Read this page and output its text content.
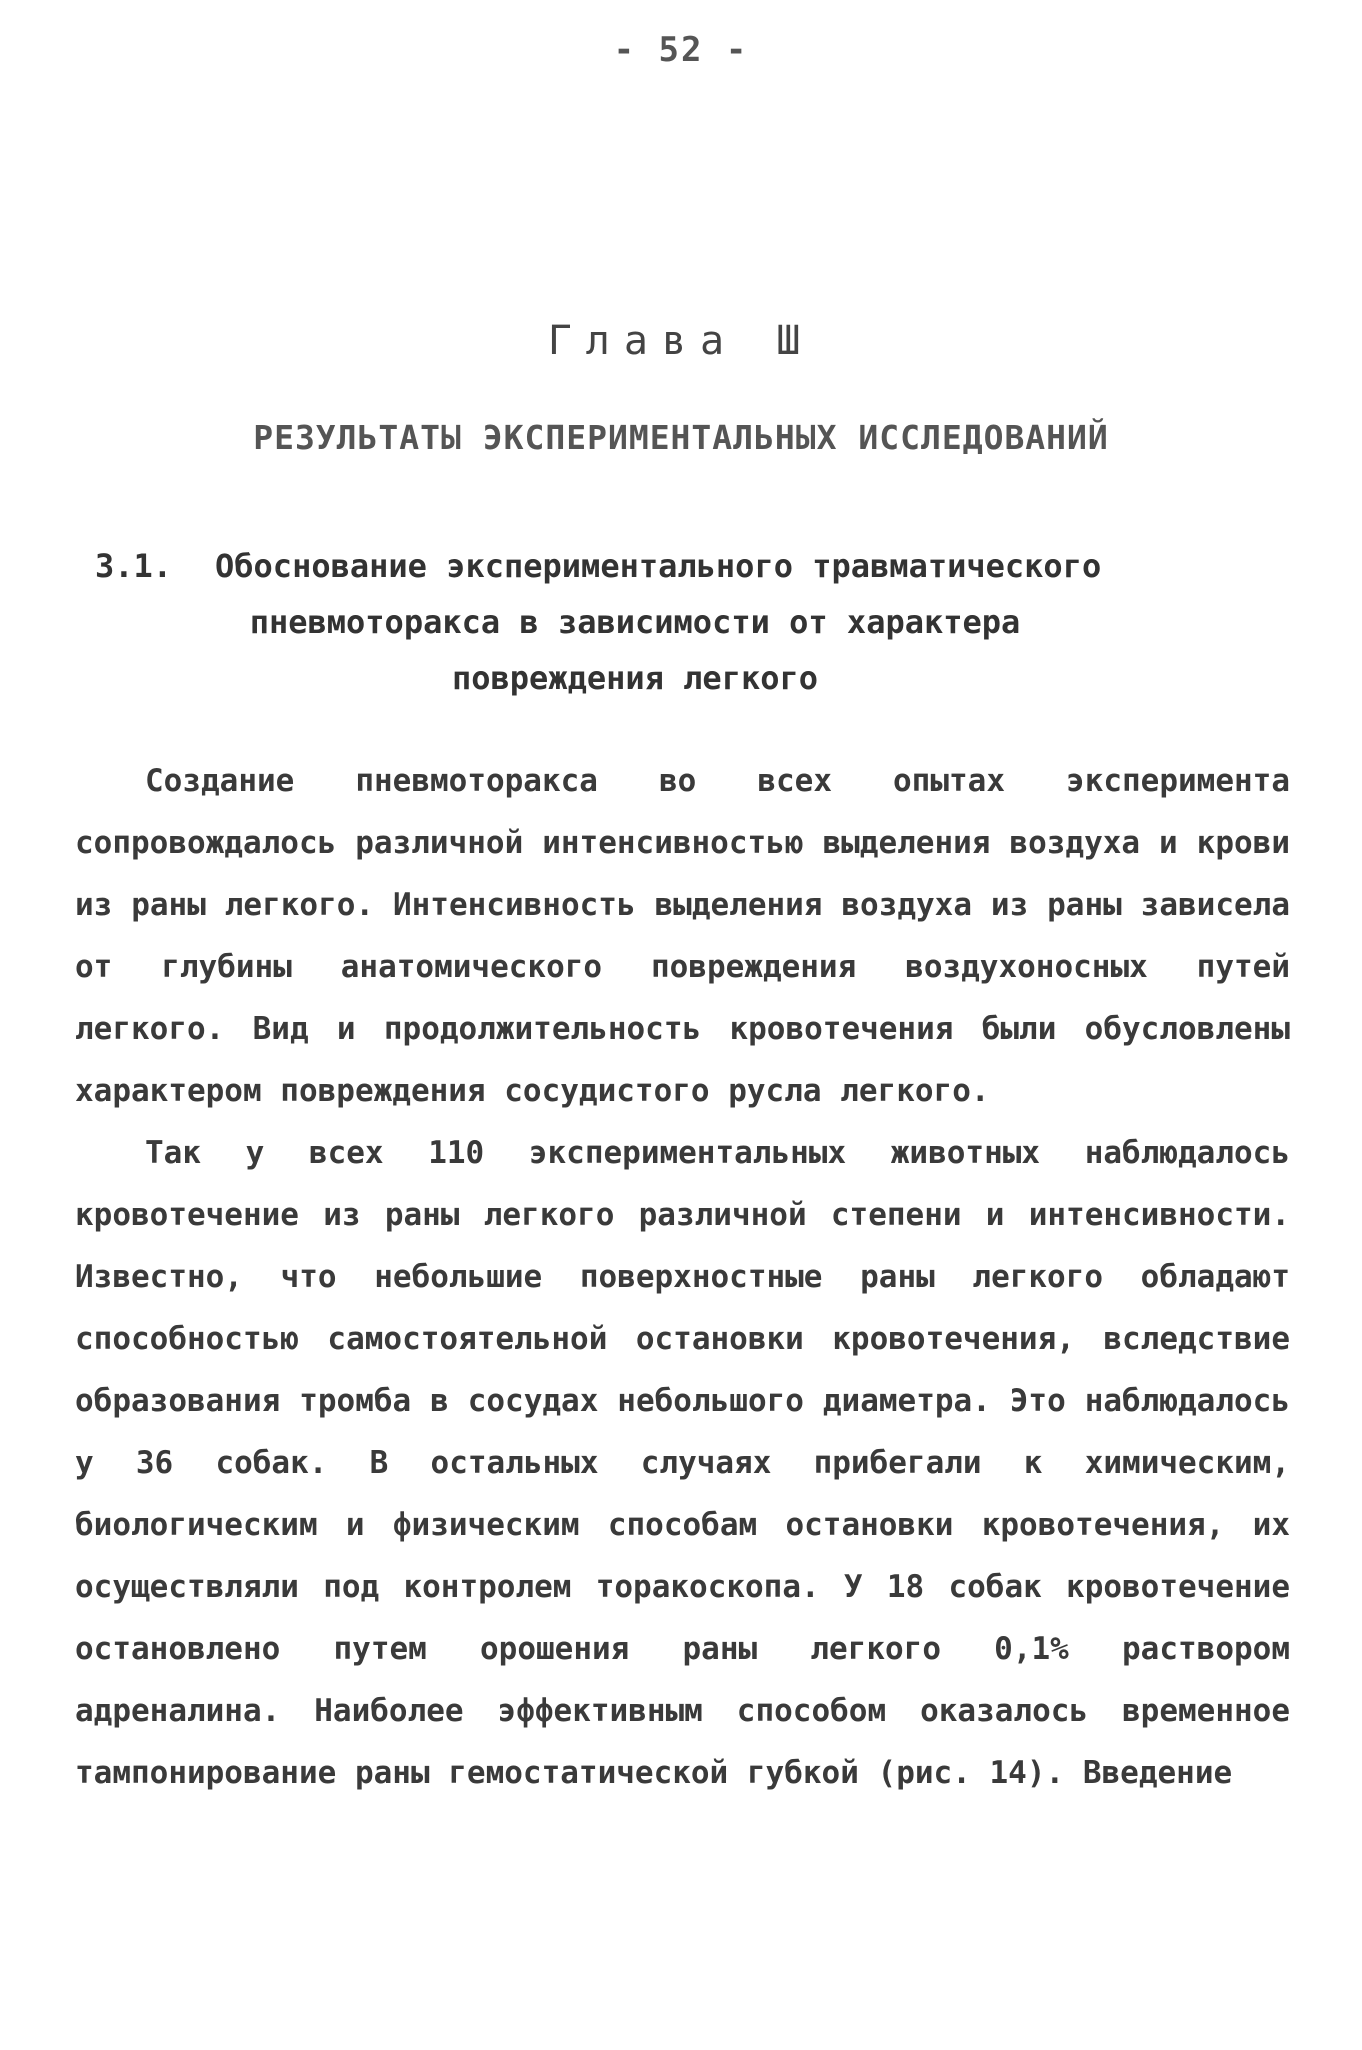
- 52 -
Глава Ш
РЕЗУЛЬТАТЫ ЭКСПЕРИМЕНТАЛЬНЫХ ИССЛЕДОВАНИЙ
3.1. Обоснование экспериментального травматического
пневмоторакса в зависимости от характера
повреждения легкого

Создание пневмоторакса во всех опытах эксперимента сопровождалось различной интенсивностью выделения воздуха и крови из раны легкого. Интенсивность выделения воздуха из раны зависела от глубины анатомического повреждения воздухоносных путей легкого. Вид и продолжительность кровотечения были обусловлены характером повреждения сосудистого русла легкого.

Так у всех 110 экспериментальных животных наблюдалось кровотечение из раны легкого различной степени и интенсивности. Известно, что небольшие поверхностные раны легкого обладают способностью самостоятельной остановки кровотечения, вследствие образования тромба в сосудах небольшого диаметра. Это наблюдалось у 36 собак. В остальных случаях прибегали к химическим, биологическим и физическим способам остановки кровотечения, их осуществляли под контролем торакоскопа. У 18 собак кровотечение остановлено путем орошения раны легкого 0,1% раствором адреналина. Наиболее эффективным способом оказалось временное тампонирование раны гемостатической губкой (рис. 14). Введение
